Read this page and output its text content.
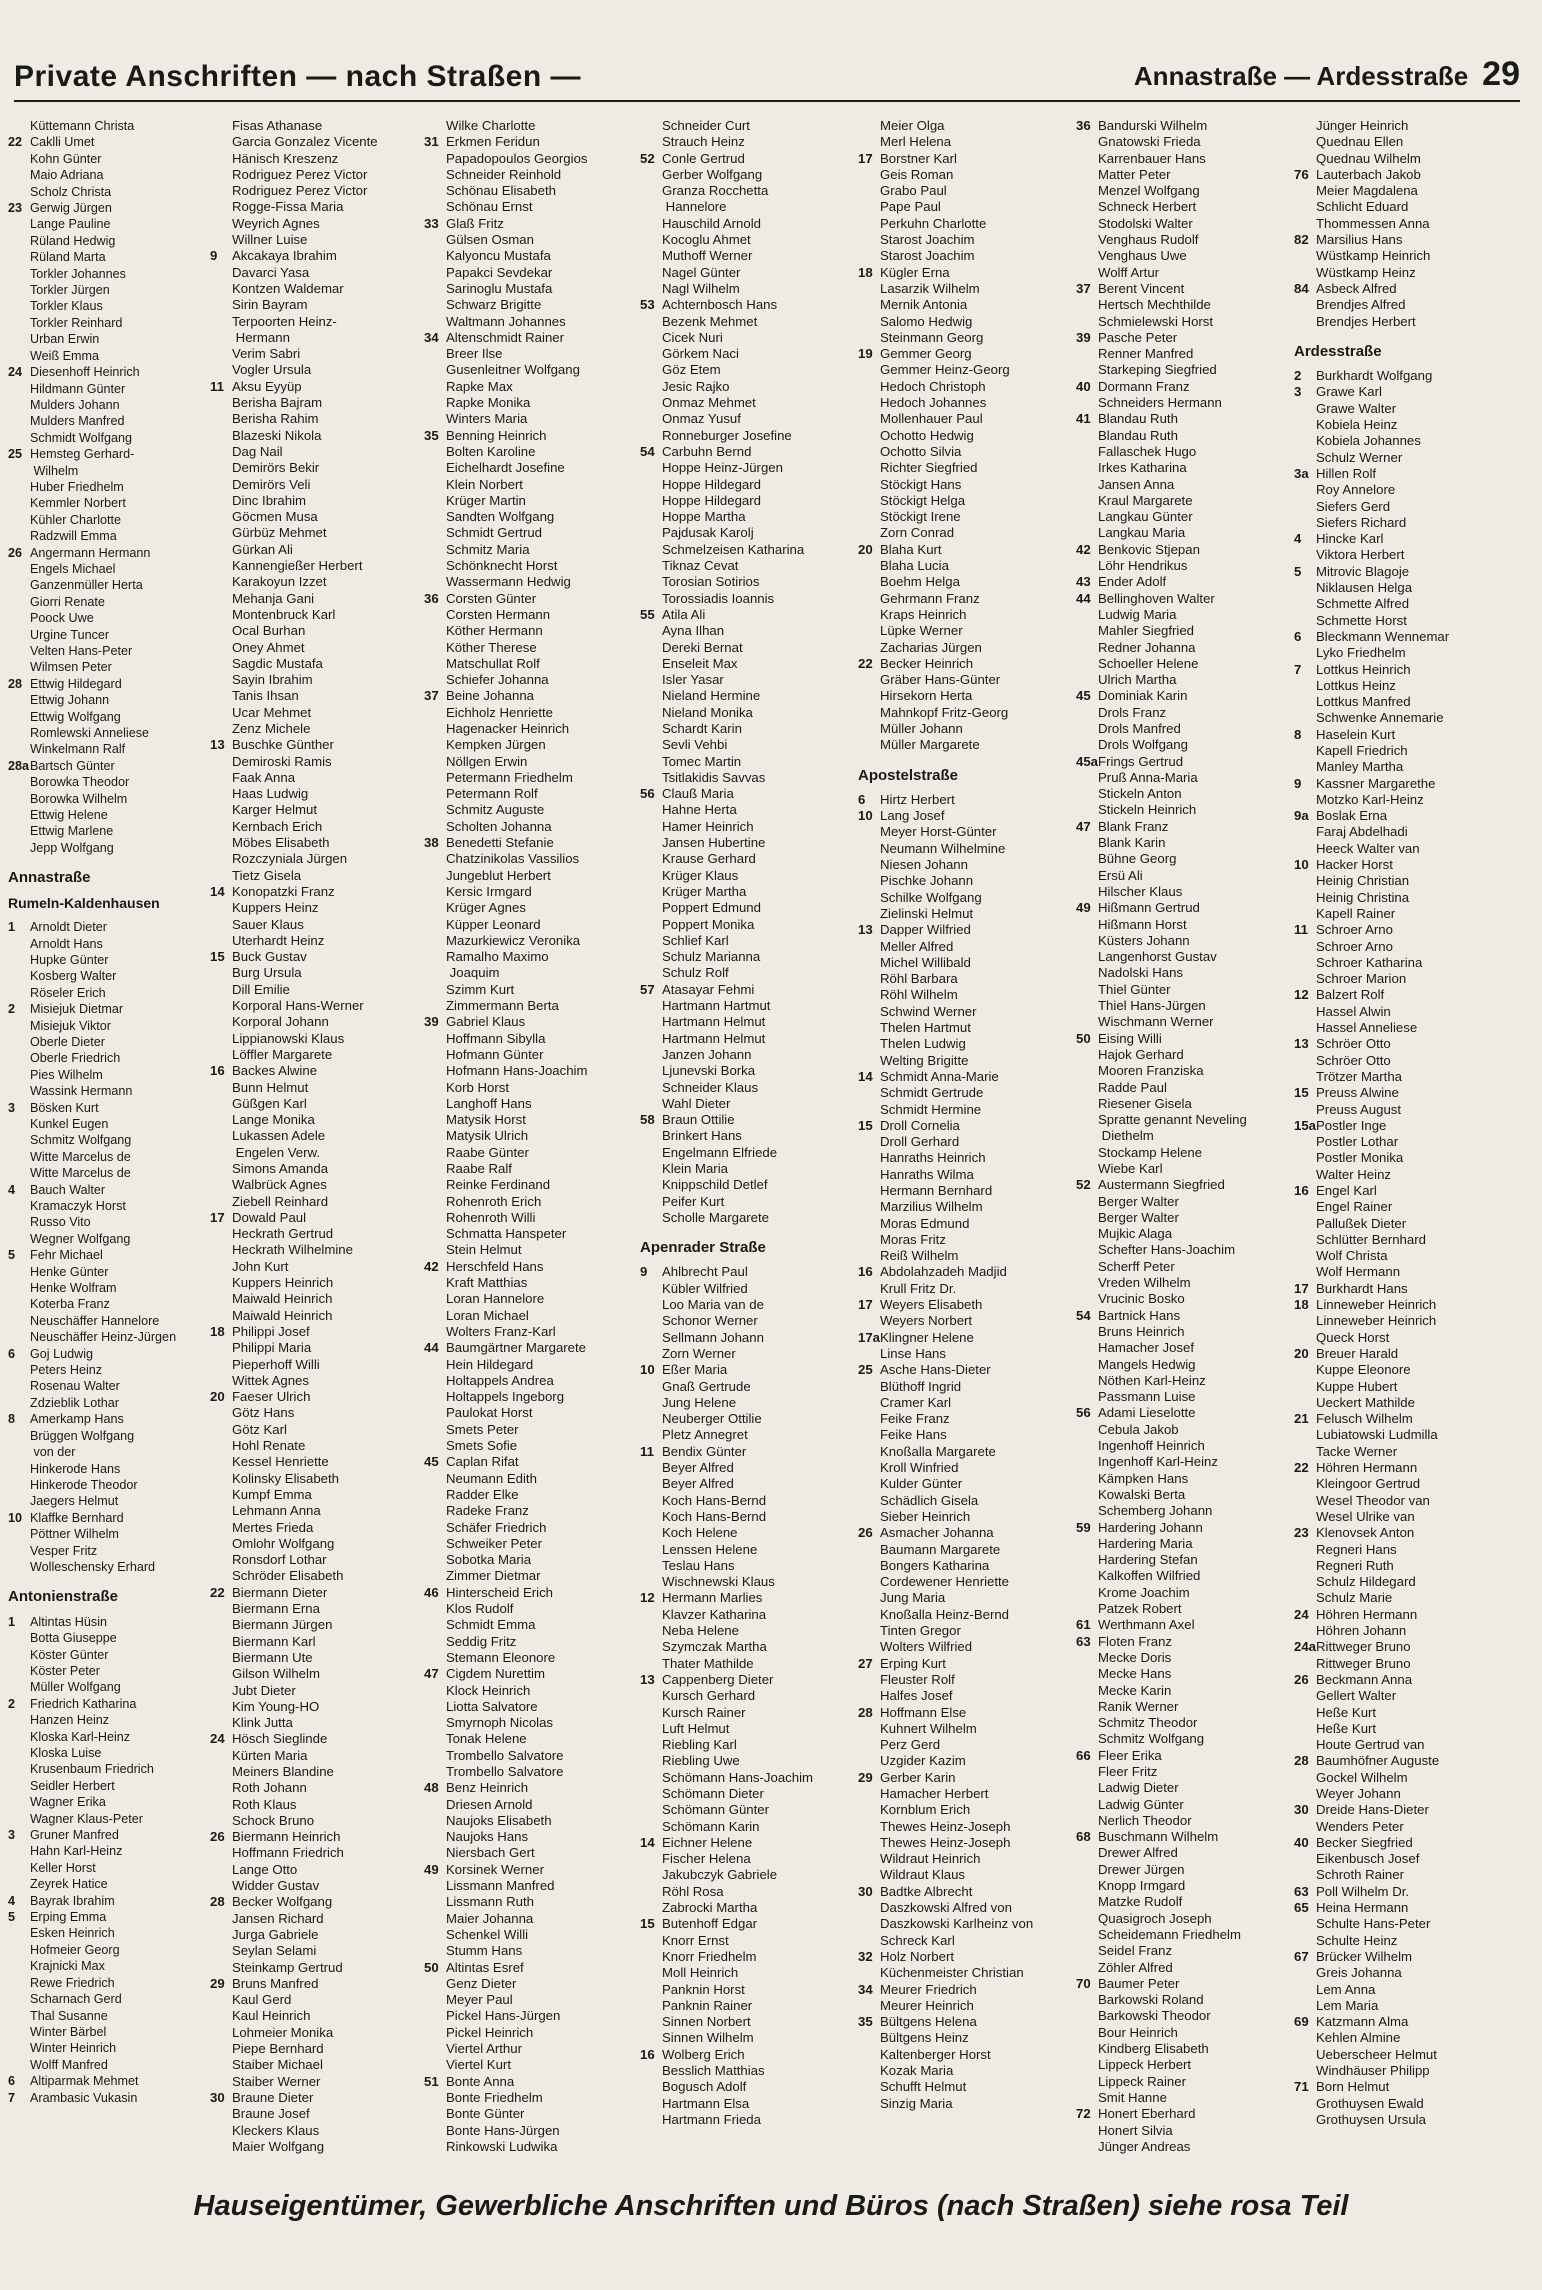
Private Anschriften — nach Straßen —	Annastraße — Ardesstraße 29
Küttemann Christa
22 Caklli Umet
Kohn Günter
Maio Adriana
Scholz Christa
23 Gerwig Jürgen
Lange Pauline
Rüland Hedwig
Rüland Marta
Torkler Johannes
Torkler Jürgen
Torkler Klaus
Torkler Reinhard
Urban Erwin
Weiß Emma
24 Diesenhoff Heinrich
Hildmann Günter
Mulders Johann
Mulders Manfred
Schmidt Wolfgang
25 Hemsteg Gerhard-
Wilhelm
Huber Friedhelm
Kemmler Norbert
Kühler Charlotte
Radzwill Emma
26 Angermann Hermann
Engels Michael
Ganzenmüller Herta
Giorri Renate
Poock Uwe
Urgine Tuncer
Velten Hans-Peter
Wilmsen Peter
28 Ettwig Hildegard
Ettwig Johann
Ettwig Wolfgang
Romlewski Anneliese
Winkelmann Ralf
28aBartsch Günter
Borowka Theodor
Borowka Wilhelm
Ettwig Helene
Ettwig Marlene
Jepp Wolfgang
Annastraße
Rumeln-Kaldenhausen
1 Arnoldt Dieter
Arnoldt Hans
Hupke Günter
Kosberg Walter
Röseler Erich
2 Misiejuk Dietmar
Misiejuk Viktor
Oberle Dieter
Oberle Friedrich
Pies Wilhelm
Wassink Hermann
3 Bösken Kurt
Kunkel Eugen
Schmitz Wolfgang
Witte Marcelus de
Witte Marcelus de
4 Bauch Walter
Kramaczyk Horst
Russo Vito
Wegner Wolfgang
5 Fehr Michael
Henke Günter
Henke Wolfram
Koterba Franz
Neuschäffer Hannelore
Neuschäffer Heinz-Jürgen
6 Goj Ludwig
Peters Heinz
Rosenau Walter
Zdzieblik Lothar
8 Amerkamp Hans
Brüggen Wolfgang
von der
Hinkerode Hans
Hinkerode Theodor
Jaegers Helmut
10 Klaffke Bernhard
Pöttner Wilhelm
Vesper Fritz
Wolleschensky Erhard
Antonienstraße
1 Altintas Hüsin
Botta Giuseppe
Köster Günter
Köster Peter
Müller Wolfgang
2 Friedrich Katharina
Hanzen Heinz
Kloska Karl-Heinz
Kloska Luise
Krusenbaum Friedrich
Seidler Herbert
Wagner Erika
Wagner Klaus-Peter
3 Gruner Manfred
Hahn Karl-Heinz
Keller Horst
Zeyrek Hatice
4 Bayrak Ibrahim
5 Erping Emma
Esken Heinrich
Hofmeier Georg
Krajnicki Max
Rewe Friedrich
Scharnach Gerd
Thal Susanne
Winter Bärbel
Winter Heinrich
Wolff Manfred
6 Altiparmak Mehmet
7 Arambasic Vukasin
Fisas Athanase
Garcia Gonzalez Vicente
Hänisch Kreszenz
Rodriguez Perez Victor
Rodriguez Perez Victor
Rogge-Fissa Maria
Weyrich Agnes
Willner Luise
9 Akcakaya Ibrahim
Davarci Yasa
Kontzen Waldemar
Sirin Bayram
Terpoorten Heinz-
Hermann
Verim Sabri
Vogler Ursula
11 Aksu Eyyüp
Berisha Bajram
Berisha Rahim
Blazeski Nikola
Dag Nail
Demirörs Bekir
Demirörs Veli
Dinc Ibrahim
Göcmen Musa
Gürbüz Mehmet
Gürkan Ali
Kannengießer Herbert
Karakoyun Izzet
Mehanja Gani
Montenbruck Karl
Ocal Burhan
Oney Ahmet
Sagdic Mustafa
Sayin Ibrahim
Tanis Ihsan
Ucar Mehmet
Zenz Michele
13 Buschke Günther
Demiroski Ramis
Faak Anna
Haas Ludwig
Karger Helmut
Kernbach Erich
Möbes Elisabeth
Rozczyniala Jürgen
Tietz Gisela
14 Konopatzki Franz
Kuppers Heinz
Sauer Klaus
Uterhardt Heinz
15 Buck Gustav
Burg Ursula
Dill Emilie
Korporal Hans-Werner
Korporal Johann
Lippianowski Klaus
Löffler Margarete
16 Backes Alwine
Bunn Helmut
Güßgen Karl
Lange Monika
Lukassen Adele
Engelen Verw.
Simons Amanda
Walbrück Agnes
Ziebell Reinhard
17 Dowald Paul
Heckrath Gertrud
Heckrath Wilhelmine
John Kurt
Kuppers Heinrich
Maiwald Heinrich
Maiwald Heinrich
18 Philippi Josef
Philippi Maria
Pieperhoff Willi
Wittek Agnes
20 Faeser Ulrich
Götz Hans
Götz Karl
Hohl Renate
Kessel Henriette
Kolinsky Elisabeth
Kumpf Emma
Lehmann Anna
Mertes Frieda
Omlohr Wolfgang
Ronsdorf Lothar
Schröder Elisabeth
22 Biermann Dieter
Biermann Erna
Biermann Jürgen
Biermann Karl
Biermann Ute
Gilson Wilhelm
Jubt Dieter
Kim Young-HO
Klink Jutta
24 Hösch Sieglinde
Kürten Maria
Meiners Blandine
Roth Johann
Roth Klaus
Schock Bruno
26 Biermann Heinrich
Hoffmann Friedrich
Lange Otto
Widder Gustav
28 Becker Wolfgang
Jansen Richard
Jurga Gabriele
Seylan Selami
Steinkamp Gertrud
29 Bruns Manfred
Kaul Gerd
Kaul Heinrich
Lohmeier Monika
Piepe Bernhard
Staiber Michael
Staiber Werner
30 Braune Dieter
Braune Josef
Kleckers Klaus
Maier Wolfgang
Wilke Charlotte
31 Erkmen Feridun
Papadopoulos Georgios
Schneider Reinhold
Schönau Elisabeth
Schönau Ernst
33 Glaß Fritz
Gülsen Osman
Kalyoncu Mustafa
Papakci Sevdekar
Sarinoglu Mustafa
Schwarz Brigitte
Waltmann Johannes
34 Altenschmidt Rainer
Breer Ilse
Gusenleitner Wolfgang
Rapke Max
Rapke Monika
Winters Maria
35 Benning Heinrich
Bolten Karoline
Eichelhardt Josefine
Klein Norbert
Krüger Martin
Sandten Wolfgang
Schmidt Gertrud
Schmitz Maria
Schönknecht Horst
Wassermann Hedwig
36 Corsten Günter
Corsten Hermann
Köther Hermann
Köther Therese
Matschullat Rolf
Schiefer Johanna
37 Beine Johanna
Eichholz Henriette
Hagenacker Heinrich
Kempken Jürgen
Nöllgen Erwin
Petermann Friedhelm
Petermann Rolf
Schmitz Auguste
Scholten Johanna
38 Benedetti Stefanie
Chatzinikolas Vassilios
Jungeblut Herbert
Kersic Irmgard
Krüger Agnes
Küpper Leonard
Mazurkiewicz Veronika
Ramalho Maximo
Joaquim
Szimm Kurt
Zimmermann Berta
39 Gabriel Klaus
Hoffmann Sibylla
Hofmann Günter
Hofmann Hans-Joachim
Korb Horst
Langhoff Hans
Matysik Horst
Matysik Ulrich
Raabe Günter
Raabe Ralf
Reinke Ferdinand
Rohenroth Erich
Rohenroth Willi
Schmatta Hanspeter
Stein Helmut
42 Herschfeld Hans
Kraft Matthias
Loran Hannelore
Loran Michael
Wolters Franz-Karl
44 Baumgärtner Margarete
Hein Hildegard
Holtappels Andrea
Holtappels Ingeborg
Paulokat Horst
Smets Peter
Smets Sofie
45 Caplan Rifat
Neumann Edith
Radder Elke
Radeke Franz
Schäfer Friedrich
Schweiker Peter
Sobotka Maria
Zimmer Dietmar
46 Hinterscheid Erich
Klos Rudolf
Schmidt Emma
Seddig Fritz
Stemann Eleonore
47 Cigdem Nurettim
Klock Heinrich
Liotta Salvatore
Smyrnoph Nicolas
Tonak Helene
Trombello Salvatore
Trombello Salvatore
48 Benz Heinrich
Driesen Arnold
Naujoks Elisabeth
Naujoks Hans
Niersbach Gert
49 Korsinek Werner
Lissmann Manfred
Lissmann Ruth
Maier Johanna
Schenkel Willi
Stumm Hans
50 Altintas Esref
Genz Dieter
Meyer Paul
Pickel Hans-Jürgen
Pickel Heinrich
Viertel Arthur
Viertel Kurt
51 Bonte Anna
Bonte Friedhelm
Bonte Günter
Bonte Hans-Jürgen
Rinkowski Ludwika
Schneider Curt
Strauch Heinz
52 Conle Gertrud
Gerber Wolfgang
Granza Rocchetta
Hannelore
Hauschild Arnold
Kocoglu Ahmet
Muthoff Werner
Nagel Günter
Nagl Wilhelm
53 Achternbosch Hans
Bezenk Mehmet
Cicek Nuri
Görkem Naci
Göz Etem
Jesic Rajko
Onmaz Mehmet
Onmaz Yusuf
Ronneburger Josefine
54 Carbuhn Bernd
Hoppe Heinz-Jürgen
Hoppe Hildegard
Hoppe Hildegard
Hoppe Martha
Pajdusak Karolj
Schmelzeisen Katharina
Tiknaz Cevat
Torosian Sotirios
Torossiadis Ioannis
55 Atila Ali
Ayna Ilhan
Dereki Bernat
Enseleit Max
Isler Yasar
Nieland Hermine
Nieland Monika
Schardt Karin
Sevli Vehbi
Tomec Martin
Tsitlakidis Savvas
56 Clauß Maria
Hahne Herta
Hamer Heinrich
Jansen Hubertine
Krause Gerhard
Krüger Klaus
Krüger Martha
Poppert Edmund
Poppert Monika
Schlief Karl
Schulz Marianna
Schulz Rolf
57 Atasayar Fehmi
Hartmann Hartmut
Hartmann Helmut
Hartmann Helmut
Janzen Johann
Ljunevski Borka
Schneider Klaus
Wahl Dieter
58 Braun Ottilie
Brinkert Hans
Engelmann Elfriede
Klein Maria
Knippschild Detlef
Peifer Kurt
Scholle Margarete
Apenrader Straße
9 Ahlbrecht Paul
Kübler Wilfried
Loo Maria van de
Schonor Werner
Sellmann Johann
Zorn Werner
10 Eßer Maria
Gnaß Gertrude
Jung Helene
Neuberger Ottilie
Pletz Annegret
11 Bendix Günter
Beyer Alfred
Beyer Alfred
Koch Hans-Bernd
Koch Hans-Bernd
Koch Helene
Lenssen Helene
Teslau Hans
Wischnewski Klaus
12 Hermann Marlies
Klavzer Katharina
Neba Helene
Szymczak Martha
Thater Mathilde
13 Cappenberg Dieter
Kursch Gerhard
Kursch Rainer
Luft Helmut
Riebling Karl
Riebling Uwe
Schömann Hans-Joachim
Schömann Dieter
Schömann Günter
Schömann Karin
14 Eichner Helene
Fischer Helena
Jakubczyk Gabriele
Röhl Rosa
Zabrocki Martha
15 Butenhoff Edgar
Knorr Ernst
Knorr Friedhelm
Moll Heinrich
Panknin Horst
Panknin Rainer
Sinnen Norbert
Sinnen Wilhelm
16 Wolberg Erich
Besslich Matthias
Bogusch Adolf
Hartmann Elsa
Hartmann Frieda
Meier Olga
Merl Helena
17 Borstner Karl
Geis Roman
Grabo Paul
Pape Paul
Perkuhn Charlotte
Starost Joachim
Starost Joachim
18 Kügler Erna
Lasarzik Wilhelm
Mernik Antonia
Salomo Hedwig
Steinmann Georg
19 Gemmer Georg
Gemmer Heinz-Georg
Hedoch Christoph
Hedoch Johannes
Mollenhauer Paul
Ochotto Hedwig
Ochotto Silvia
Richter Siegfried
Stöckigt Hans
Stöckigt Helga
Stöckigt Irene
Zorn Conrad
20 Blaha Kurt
Blaha Lucia
Boehm Helga
Gehrmann Franz
Kraps Heinrich
Lüpke Werner
Zacharias Jürgen
22 Becker Heinrich
Gräber Hans-Günter
Hirsekorn Herta
Mahnkopf Fritz-Georg
Müller Johann
Müller Margarete
Apostelstraße
6 Hirtz Herbert
10 Lang Josef
Meyer Horst-Günter
Neumann Wilhelmine
Niesen Johann
Pischke Johann
Schilke Wolfgang
Zielinski Helmut
13 Dapper Wilfried
Meller Alfred
Michel Willibald
Röhl Barbara
Röhl Wilhelm
Schwind Werner
Thelen Hartmut
Thelen Ludwig
Welting Brigitte
14 Schmidt Anna-Marie
Schmidt Gertrude
Schmidt Hermine
15 Droll Cornelia
Droll Gerhard
Hanraths Heinrich
Hanraths Wilma
Hermann Bernhard
Marzilius Wilhelm
Moras Edmund
Moras Fritz
Reiß Wilhelm
16 Abdolahzadeh Madjid
Krull Fritz Dr.
17 Weyers Elisabeth
Weyers Norbert
17aKlingner Helene
Linse Hans
25 Asche Hans-Dieter
Blüthoff Ingrid
Cramer Karl
Feike Franz
Feike Hans
Knoßalla Margarete
Kroll Winfried
Kulder Günter
Schädlich Gisela
Sieber Heinrich
26 Asmacher Johanna
Baumann Margarete
Bongers Katharina
Cordewener Henriette
Jung Maria
Knoßalla Heinz-Bernd
Tinten Gregor
Wolters Wilfried
27 Erping Kurt
Fleuster Rolf
Halfes Josef
28 Hoffmann Else
Kuhnert Wilhelm
Perz Gerd
Uzgider Kazim
29 Gerber Karin
Hamacher Herbert
Kornblum Erich
Thewes Heinz-Joseph
Thewes Heinz-Joseph
Wildraut Heinrich
Wildraut Klaus
30 Badtke Albrecht
Daszkowski Alfred von
Daszkowski Karlheinz von
Schreck Karl
32 Holz Norbert
Küchenmeister Christian
34 Meurer Friedrich
Meurer Heinrich
35 Bültgens Helena
Bültgens Heinz
Kaltenberger Horst
Kozak Maria
Schufft Helmut
Sinzig Maria
36 Bandurski Wilhelm
Gnatowski Frieda
Karrenbauer Hans
Matter Peter
Menzel Wolfgang
Schneck Herbert
Stodolski Walter
Venghaus Rudolf
Venghaus Uwe
Wolff Artur
37 Berent Vincent
Hertsch Mechthilde
Schmielewski Horst
39 Pasche Peter
Renner Manfred
Starkeping Siegfried
40 Dormann Franz
Schneiders Hermann
41 Blandau Ruth
Blandau Ruth
Fallaschek Hugo
Irkes Katharina
Jansen Anna
Kraul Margarete
Langkau Günter
Langkau Maria
42 Benkovic Stjepan
Löhr Hendrikus
43 Ender Adolf
44 Bellinghoven Walter
Ludwig Maria
Mahler Siegfried
Redner Johanna
Schoeller Helene
Ulrich Martha
45 Dominiak Karin
Drols Franz
Drols Manfred
Drols Wolfgang
45aFrings Gertrud
Pruß Anna-Maria
Stickeln Anton
Stickeln Heinrich
47 Blank Franz
Blank Karin
Bühne Georg
Ersü Ali
Hilscher Klaus
49 Hißmann Gertrud
Hißmann Horst
Küsters Johann
Langenhorst Gustav
Nadolski Hans
Thiel Günter
Thiel Hans-Jürgen
Wischmann Werner
50 Eising Willi
Hajok Gerhard
Mooren Franziska
Radde Paul
Riesener Gisela
Spratte genannt Neveling
Diethelm
Stockamp Helene
Wiebe Karl
52 Austermann Siegfried
Berger Walter
Berger Walter
Mujkic Alaga
Schefter Hans-Joachim
Scherff Peter
Vreden Wilhelm
Vrucinic Bosko
54 Bartnick Hans
Bruns Heinrich
Hamacher Josef
Mangels Hedwig
Nöthen Karl-Heinz
Passmann Luise
56 Adami Lieselotte
Cebula Jakob
Ingenhoff Heinrich
Ingenhoff Karl-Heinz
Kämpken Hans
Kowalski Berta
Schemberg Johann
59 Hardering Johann
Hardering Maria
Hardering Stefan
Kalkoffen Wilfried
Krome Joachim
Patzek Robert
61 Werthmann Axel
63 Floten Franz
Mecke Doris
Mecke Hans
Mecke Karin
Ranik Werner
Schmitz Theodor
Schmitz Wolfgang
66 Fleer Erika
Fleer Fritz
Ladwig Dieter
Ladwig Günter
Nerlich Theodor
68 Buschmann Wilhelm
Drewer Alfred
Drewer Jürgen
Knopp Irmgard
Matzke Rudolf
Quasigroch Joseph
Scheidemann Friedhelm
Seidel Franz
Zöhler Alfred
70 Baumer Peter
Barkowski Roland
Barkowski Theodor
Bour Heinrich
Kindberg Elisabeth
Lippeck Herbert
Lippeck Rainer
Smit Hanne
72 Honert Eberhard
Honert Silvia
Jünger Andreas
Jünger Heinrich
Quednau Ellen
Quednau Wilhelm
76 Lauterbach Jakob
Meier Magdalena
Schlicht Eduard
Thommessen Anna
82 Marsilius Hans
Wüstkamp Heinrich
Wüstkamp Heinz
84 Asbeck Alfred
Brendjes Alfred
Brendjes Herbert
Ardesstraße
2 Burkhardt Wolfgang
3 Grawe Karl
Grawe Walter
Kobiela Heinz
Kobiela Johannes
Schulz Werner
3a Hillen Rolf
Roy Annelore
Siefers Gerd
Siefers Richard
4 Hincke Karl
Viktora Herbert
5 Mitrovic Blagoje
Niklausen Helga
Schmette Alfred
Schmette Horst
6 Bleckmann Wennemar
Lyko Friedhelm
7 Lottkus Heinrich
Lottkus Heinz
Lottkus Manfred
Schwenke Annemarie
8 Haselein Kurt
Kapell Friedrich
Manley Martha
9 Kassner Margarethe
Motzko Karl-Heinz
9a Boslak Erna
Faraj Abdelhadi
Heeck Walter van
10 Hacker Horst
Heinig Christian
Heinig Christina
Kapell Rainer
11 Schroer Arno
Schroer Arno
Schroer Katharina
Schroer Marion
12 Balzert Rolf
Hassel Alwin
Hassel Anneliese
13 Schröer Otto
Schröer Otto
Trötzer Martha
15 Preuss Alwine
Preuss August
15aPostler Inge
Postler Lothar
Postler Monika
Walter Heinz
16 Engel Karl
Engel Rainer
Pallußek Dieter
Schlütter Bernhard
Wolf Christa
Wolf Hermann
17 Burkhardt Hans
18 Linneweber Heinrich
Linneweber Heinrich
Queck Horst
20 Breuer Harald
Kuppe Eleonore
Kuppe Hubert
Ueckert Mathilde
21 Felusch Wilhelm
Lubiatowski Ludmilla
Tacke Werner
22 Höhren Hermann
Kleingoor Gertrud
Wesel Theodor van
Wesel Ulrike van
23 Klenovsek Anton
Regneri Hans
Regneri Ruth
Schulz Hildegard
Schulz Marie
24 Höhren Hermann
Höhren Johann
24aRittweger Bruno
Rittweger Bruno
26 Beckmann Anna
Gellert Walter
Heße Kurt
Heße Kurt
Houte Gertrud van
28 Baumhöfner Auguste
Gockel Wilhelm
Weyer Johann
30 Dreide Hans-Dieter
Wenders Peter
40 Becker Siegfried
Eikenbusch Josef
Schroth Rainer
63 Poll Wilhelm Dr.
65 Heina Hermann
Schulte Hans-Peter
Schulte Heinz
67 Brücker Wilhelm
Greis Johanna
Lem Anna
Lem Maria
69 Katzmann Alma
Kehlen Almine
Ueberscheer Helmut
Windhäuser Philipp
71 Born Helmut
Grothuysen Ewald
Grothuysen Ursula
Hauseigentümer, Gewerbliche Anschriften und Büros (nach Straßen) siehe rosa Teil
